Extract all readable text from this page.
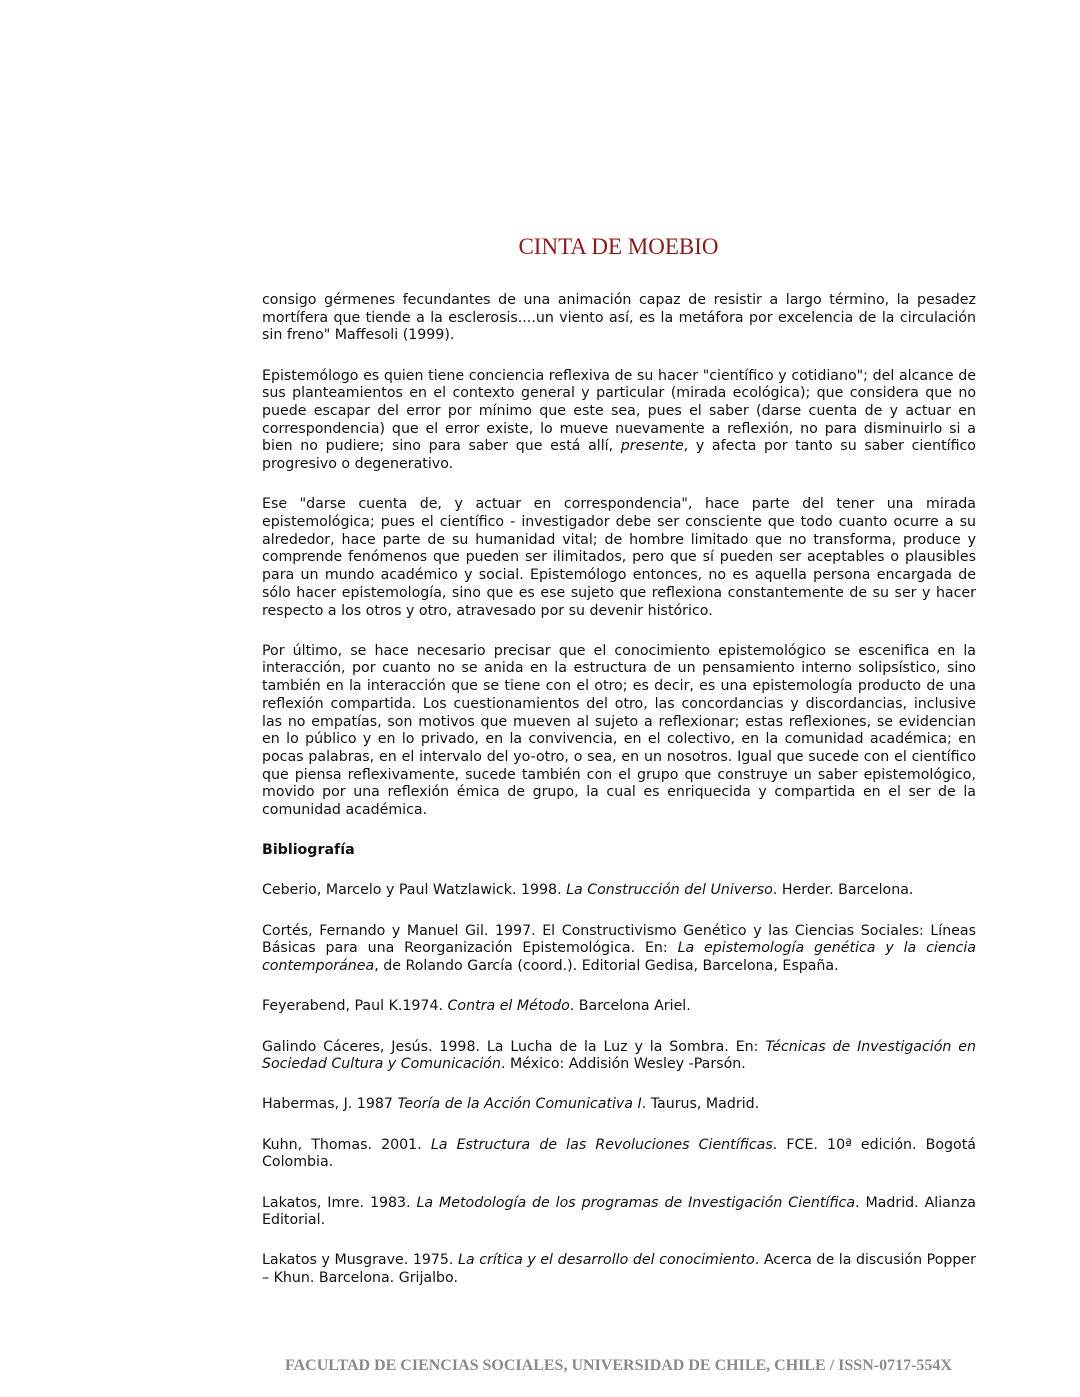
CINTA DE MOEBIO

consigo gérmenes fecundantes de una animación capaz de resistir a largo término, la pesadez mortífera que tiende a la esclerosis....un viento así, es la metáfora por excelencia de la circulación sin freno" Maffesoli (1999).

Epistemólogo es quien tiene conciencia reflexiva de su hacer "científico y cotidiano"; del alcance de sus planteamientos en el contexto general y particular (mirada ecológica); que considera que no puede escapar del error por mínimo que este sea, pues el saber (darse cuenta de y actuar en correspondencia) que el error existe, lo mueve nuevamente a reflexión, no para disminuirlo si a bien no pudiere; sino para saber que está allí, presente, y afecta por tanto su saber científico progresivo o degenerativo.

Ese "darse cuenta de, y actuar en correspondencia", hace parte del tener una mirada epistemológica; pues el científico - investigador debe ser consciente que todo cuanto ocurre a su alrededor, hace parte de su humanidad vital; de hombre limitado que no transforma, produce y comprende fenómenos que pueden ser ilimitados, pero que sí pueden ser aceptables o plausibles para un mundo académico y social. Epistemólogo entonces, no es aquella persona encargada de sólo hacer epistemología, sino que es ese sujeto que reflexiona constantemente de su ser y hacer respecto a los otros y otro, atravesado por su devenir histórico.

Por último, se hace necesario precisar que el conocimiento epistemológico se escenifica en la interacción, por cuanto no se anida en la estructura de un pensamiento interno solipsístico, sino también en la interacción que se tiene con el otro; es decir, es una epistemología producto de una reflexión compartida. Los cuestionamientos del otro, las concordancias y discordancias, inclusive las no empatías, son motivos que mueven al sujeto a reflexionar; estas reflexiones, se evidencian en lo público y en lo privado, en la convivencia, en el colectivo, en la comunidad académica; en pocas palabras, en el intervalo del yo-otro, o sea, en un nosotros. Igual que sucede con el científico que piensa reflexivamente, sucede también con el grupo que construye un saber epistemológico, movido por una reflexión émica de grupo, la cual es enriquecida y compartida en el ser de la comunidad académica.

Bibliografía

Ceberio, Marcelo y Paul Watzlawick. 1998. La Construcción del Universo. Herder. Barcelona.

Cortés, Fernando y Manuel Gil. 1997. El Constructivismo Genético y las Ciencias Sociales: Líneas Básicas para una Reorganización Epistemológica. En: La epistemología genética y la ciencia contemporánea, de Rolando García (coord.). Editorial Gedisa, Barcelona, España.

Feyerabend, Paul K.1974. Contra el Método. Barcelona Ariel.

Galindo Cáceres, Jesús. 1998. La Lucha de la Luz y la Sombra. En: Técnicas de Investigación en Sociedad Cultura y Comunicación. México: Addisión Wesley -Parsón.

Habermas, J. 1987 Teoría de la Acción Comunicativa I. Taurus, Madrid.

Kuhn, Thomas. 2001. La Estructura de las Revoluciones Científicas. FCE. 10ª edición. Bogotá Colombia.

Lakatos, Imre. 1983. La Metodología de los programas de Investigación Científica. Madrid. Alianza Editorial.

Lakatos y Musgrave. 1975. La crítica y el desarrollo del conocimiento. Acerca de la discusión Popper – Khun. Barcelona. Grijalbo.

FACULTAD DE CIENCIAS SOCIALES, UNIVERSIDAD DE CHILE, CHILE / ISSN-0717-554X
